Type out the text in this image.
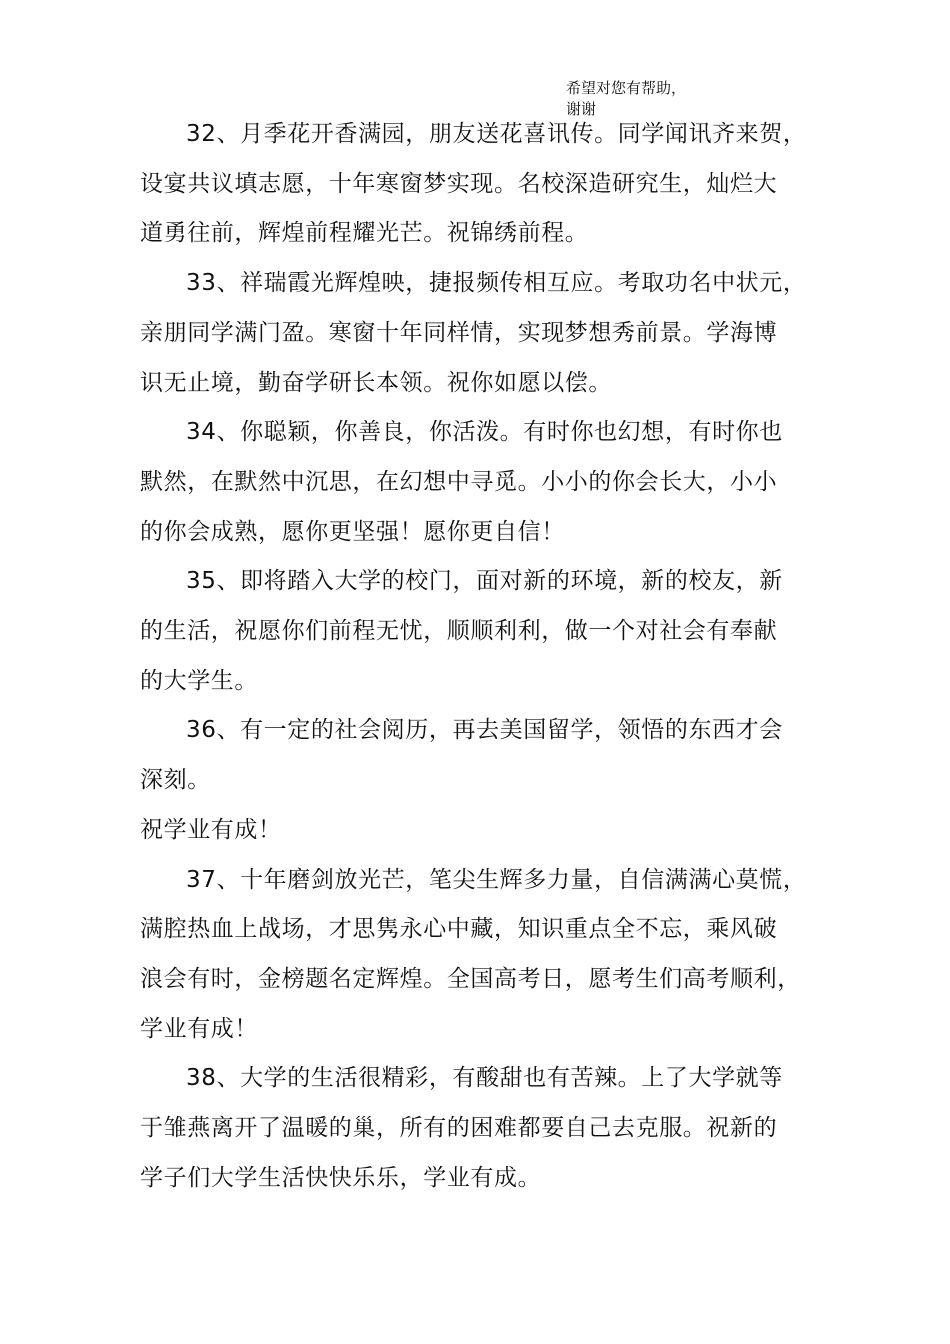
希望对您有帮助，
谢谢

32、月季花开香满园，朋友送花喜讯传。同学闻讯齐来贺，
设宴共议填志愿，十年寒窗梦实现。名校深造研究生，灿烂大
道勇往前，辉煌前程耀光芒。祝锦绣前程。

33、祥瑞霞光辉煌映，捷报频传相互应。考取功名中状元，
亲朋同学满门盈。寒窗十年同样情，实现梦想秀前景。学海博
识无止境，勤奋学研长本领。祝你如愿以偿。

34、你聪颖，你善良，你活泼。有时你也幻想，有时你也
默然，在默然中沉思，在幻想中寻觅。小小的你会长大，小小
的你会成熟，愿你更坚强！愿你更自信！

35、即将踏入大学的校门，面对新的环境，新的校友，新
的生活，祝愿你们前程无忧，顺顺利利，做一个对社会有奉献
的大学生。

36、有一定的社会阅历，再去美国留学，领悟的东西才会
深刻。

祝学业有成！

37、十年磨剑放光芒，笔尖生辉多力量，自信满满心莫慌，
满腔热血上战场，才思隽永心中藏，知识重点全不忘，乘风破
浪会有时，金榜题名定辉煌。全国高考日，愿考生们高考顺利，
学业有成！

38、大学的生活很精彩，有酸甜也有苦辣。上了大学就等
于雏燕离开了温暖的巢，所有的困难都要自己去克服。祝新的
学子们大学生活快快乐乐，学业有成。
